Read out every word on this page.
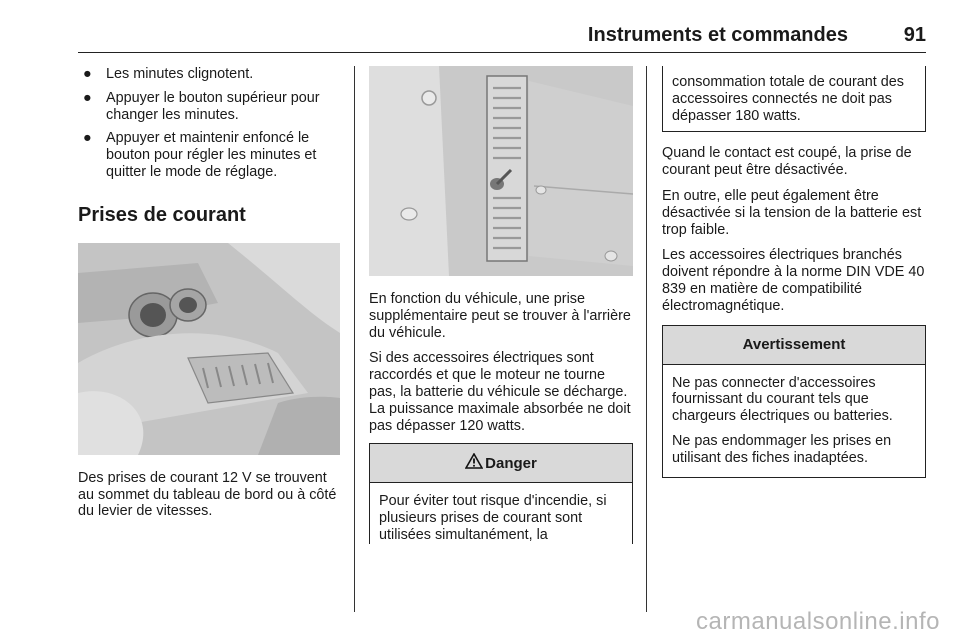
Instruments et commandes	91
● Les minutes clignotent.
● Appuyer le bouton supérieur pour changer les minutes.
● Appuyer et maintenir enfoncé le bouton pour régler les minutes et quitter le mode de réglage.
Prises de courant

Des prises de courant 12 V se trouvent au sommet du tableau de bord ou à côté du levier de vitesses.

En fonction du véhicule, une prise supplémentaire peut se trouver à l'arrière du véhicule.

Si des accessoires électriques sont raccordés et que le moteur ne tourne pas, la batterie du véhicule se décharge. La puissance maximale absorbée ne doit pas dépasser 120 watts.

Danger

Pour éviter tout risque d'incendie, si plusieurs prises de courant sont utilisées simultanément, la

consommation totale de courant des accessoires connectés ne doit pas dépasser 180 watts.

Quand le contact est coupé, la prise de courant peut être désactivée.

En outre, elle peut également être désactivée si la tension de la batterie est trop faible.

Les accessoires électriques branchés doivent répondre à la norme DIN VDE 40 839 en matière de compatibilité électromagnétique.

Avertissement

Ne pas connecter d'accessoires fournissant du courant tels que chargeurs électriques ou batteries.

Ne pas endommager les prises en utilisant des fiches inadaptées.

carmanualsonline.info
